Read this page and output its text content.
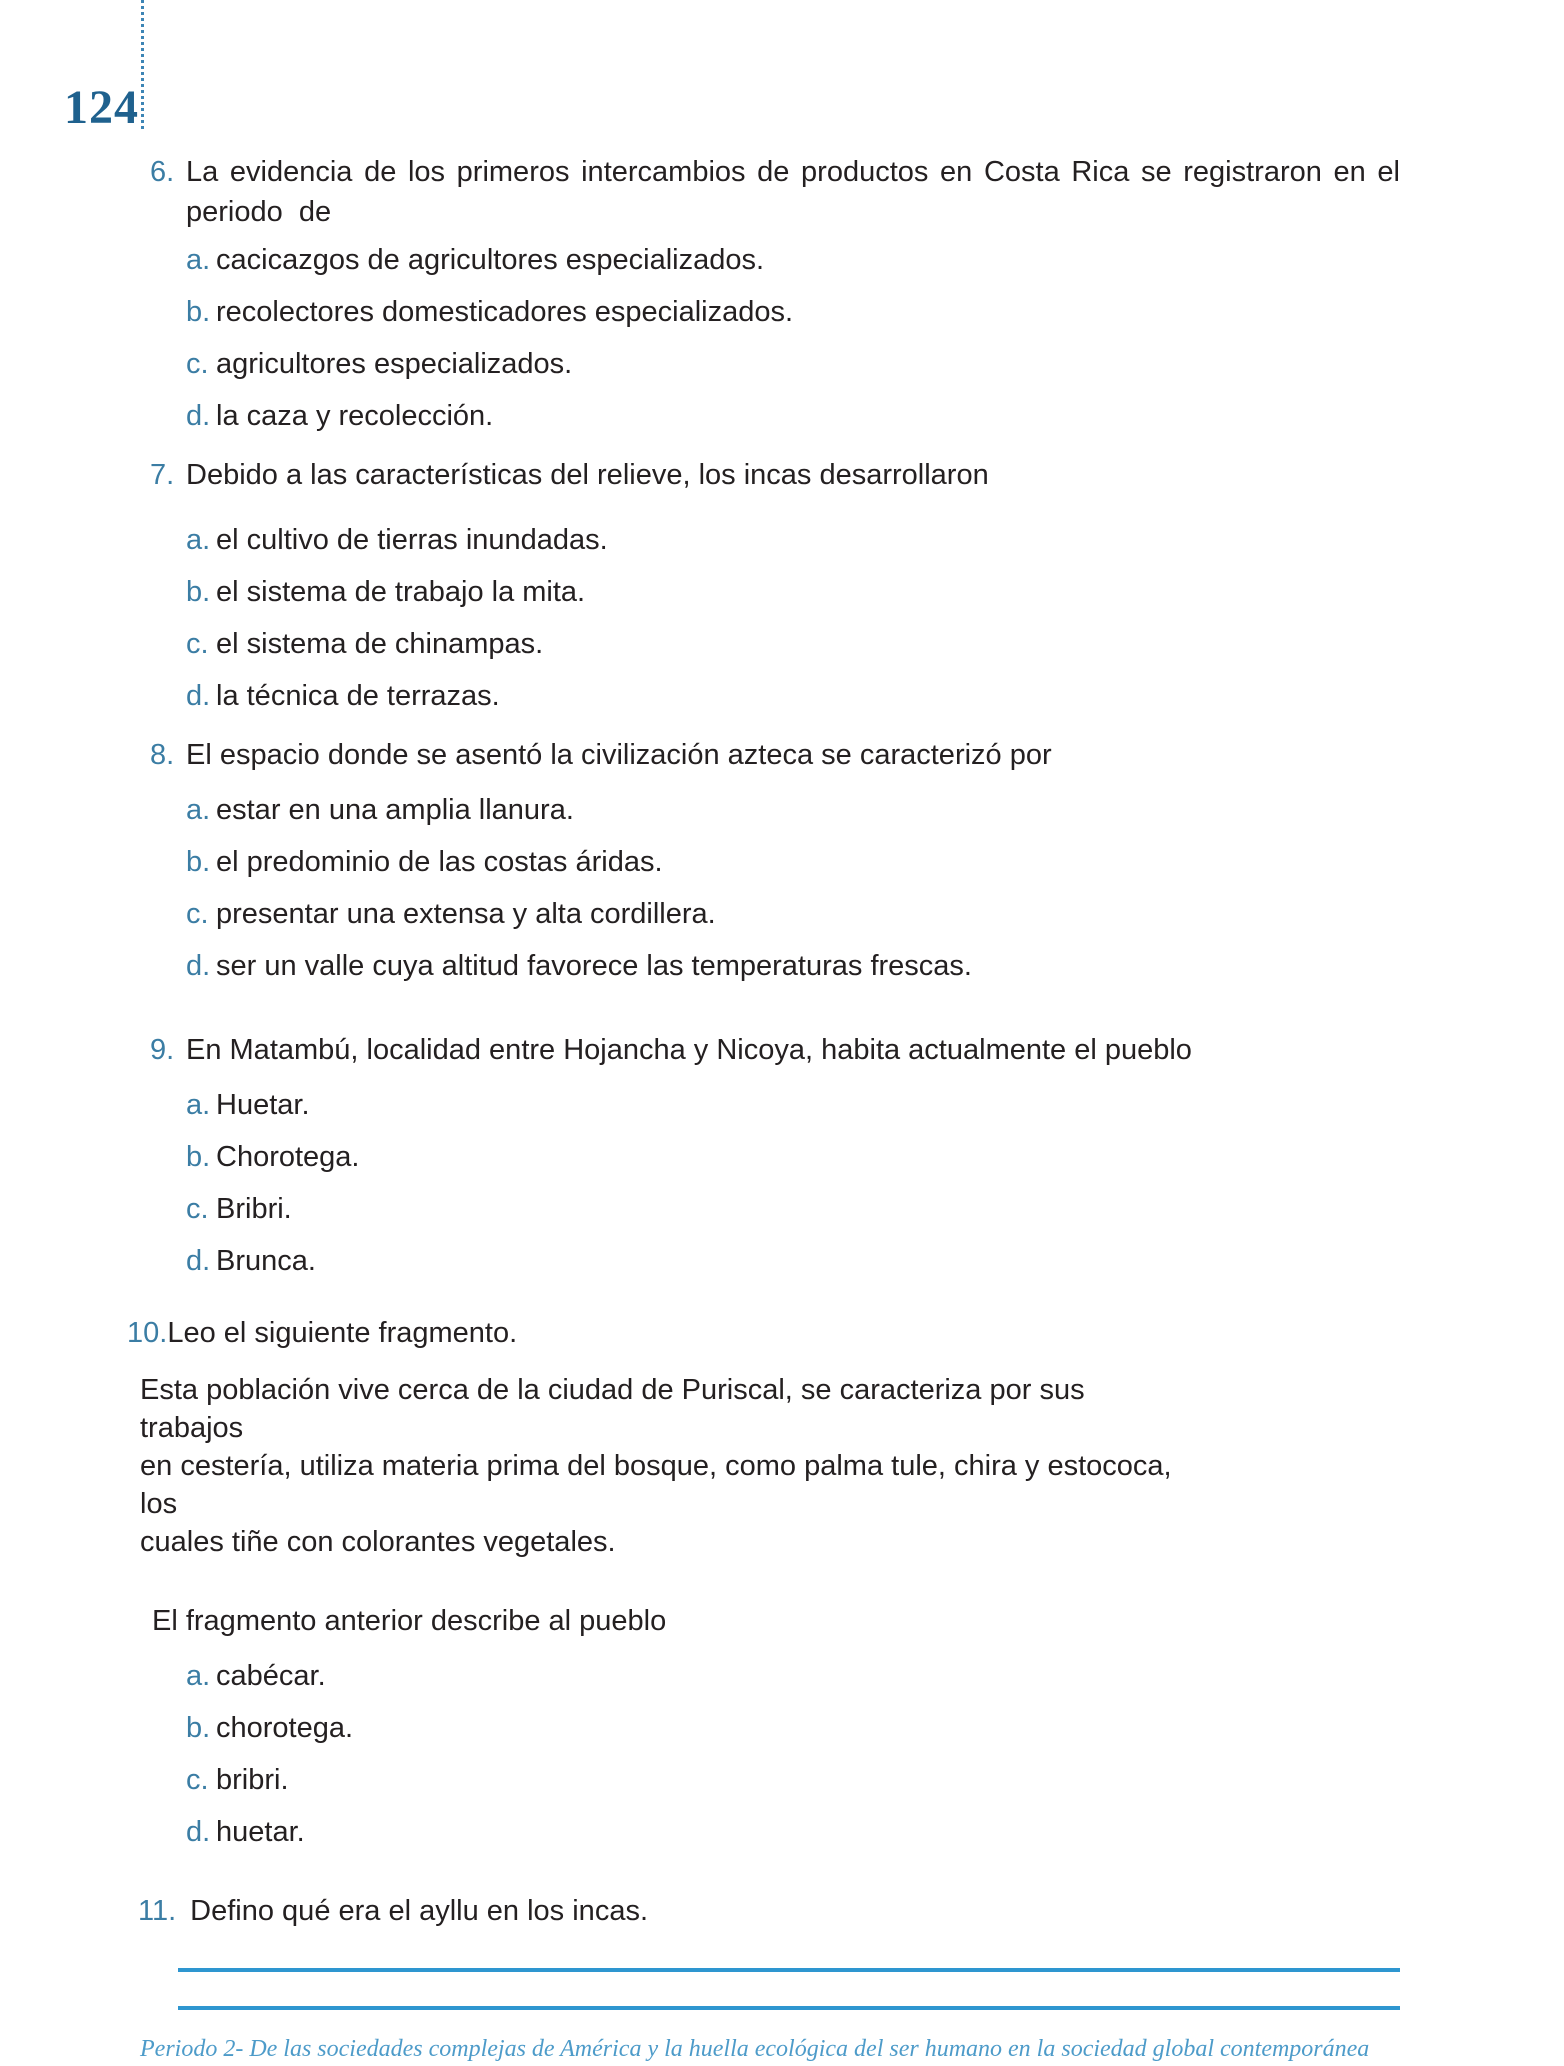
124
6. La evidencia de los primeros intercambios de productos en Costa Rica se registraron en el
periodo  de
a. cacicazgos de agricultores especializados.
b. recolectores domesticadores especializados.
c. agricultores especializados.
d. la caza y recolección.
7. Debido a las características del relieve, los incas desarrollaron
a. el cultivo de tierras inundadas.
b. el sistema de trabajo la mita.
c. el sistema de chinampas.
d. la técnica de terrazas.
8. El espacio donde se asentó la civilización azteca se caracterizó por
a. estar en una amplia llanura.
b. el predominio de las costas áridas.
c. presentar una extensa y alta cordillera.
d. ser un valle cuya altitud favorece las temperaturas frescas.
9. En Matambú, localidad entre Hojancha y Nicoya, habita actualmente el pueblo
a. Huetar.
b. Chorotega.
c. Bribri.
d. Brunca.
10.Leo el siguiente fragmento.
Esta población vive cerca de la ciudad de Puriscal, se caracteriza por sus trabajos
en cestería, utiliza materia prima del bosque, como palma tule, chira y estococa, los
cuales tiñe con colorantes vegetales.
El fragmento anterior describe al pueblo
a. cabécar.
b. chorotega.
c. bribri.
d. huetar.
11. Defino qué era el ayllu en los incas.
Periodo 2- De las sociedades complejas de América y la huella ecológica del ser humano en la sociedad global contemporánea
